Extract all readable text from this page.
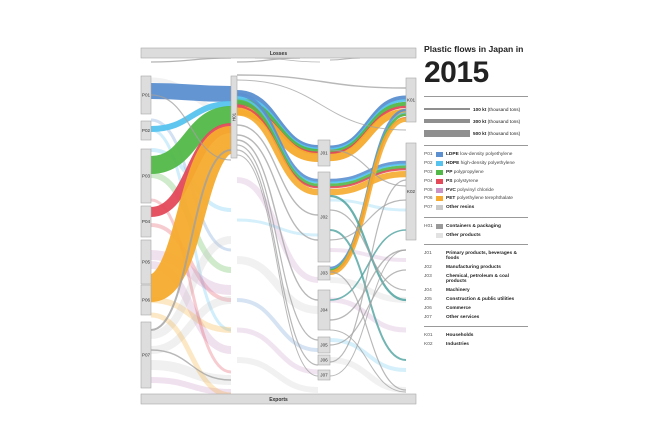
P01
P02
P03
P04
P05
P06
P07
H01
J01
J02
J03
J04
J05
J06
J07
K01
K02
Losses
Exports
Plastic flows in Japan in
2015
100 kt
(thousand tons)
300 kt
(thousand tons)
500 kt
(thousand tons)
P01	LDPE low-density polyethylene
P02	HDPE high-density polyethylene
P03	PP polypropylene
P04	PS polystyrene
P05	PVC polyvinyl chloride
P06	PET polyethylene terephthalate
P07	Other resins
H01	Containers & packaging
Other products
J01	Primary products, beverages & foods
J02	Manufacturing products
J03	Chemical, petroleum & coal products
J04	Machinery
J05	Construction & public utilities
J06	Commerce
J07	Other services
K01	Households
K02	Industries
